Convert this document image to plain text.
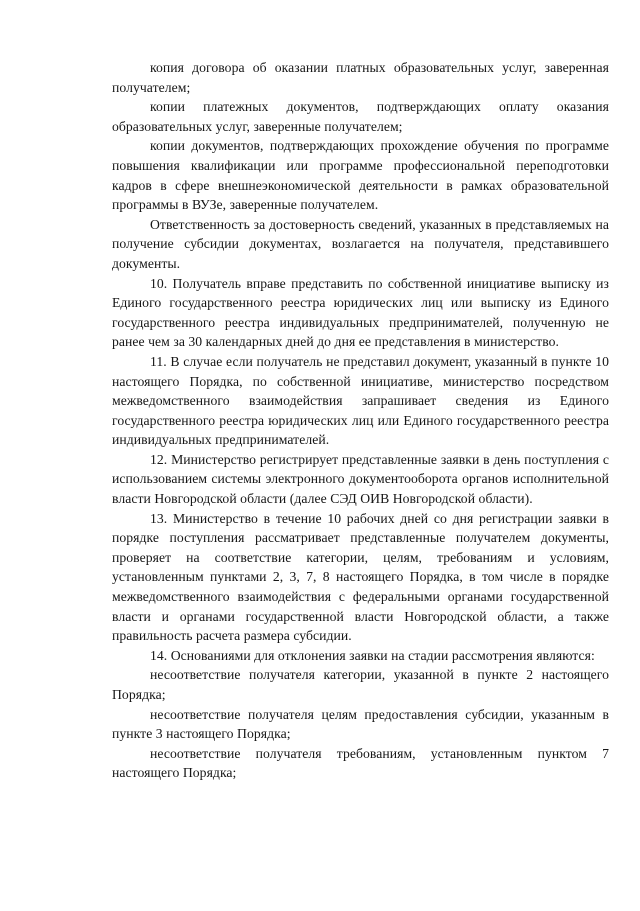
копия договора об оказании платных образовательных услуг, заверенная получателем;

копии платежных документов, подтверждающих оплату оказания образовательных услуг, заверенные получателем;

копии документов, подтверждающих прохождение обучения по программе повышения квалификации или программе профессиональной переподготовки кадров в сфере внешнеэкономической деятельности в рамках образовательной программы в ВУЗе, заверенные получателем.

Ответственность за достоверность сведений, указанных в представляемых на получение субсидии документах, возлагается на получателя, представившего документы.

10. Получатель вправе представить по собственной инициативе выписку из Единого государственного реестра юридических лиц или выписку из Единого государственного реестра индивидуальных предпринимателей, полученную не ранее чем за 30 календарных дней до дня ее представления в министерство.

11. В случае если получатель не представил документ, указанный в пункте 10 настоящего Порядка, по собственной инициативе, министерство посредством межведомственного взаимодействия запрашивает сведения из Единого государственного реестра юридических лиц или Единого государственного реестра индивидуальных предпринимателей.

12. Министерство регистрирует представленные заявки в день поступления с использованием системы электронного документооборота органов исполнительной власти Новгородской области (далее СЭД ОИВ Новгородской области).

13. Министерство в течение 10 рабочих дней со дня регистрации заявки в порядке поступления рассматривает представленные получателем документы, проверяет на соответствие категории, целям, требованиям и условиям, установленным пунктами 2, 3, 7, 8 настоящего Порядка, в том числе в порядке межведомственного взаимодействия с федеральными органами государственной власти и органами государственной власти Новгородской области, а также правильность расчета размера субсидии.

14. Основаниями для отклонения заявки на стадии рассмотрения являются:

несоответствие получателя категории, указанной в пункте 2 настоящего Порядка;

несоответствие получателя целям предоставления субсидии, указанным в пункте 3 настоящего Порядка;

несоответствие получателя требованиям, установленным пунктом 7 настоящего Порядка;
